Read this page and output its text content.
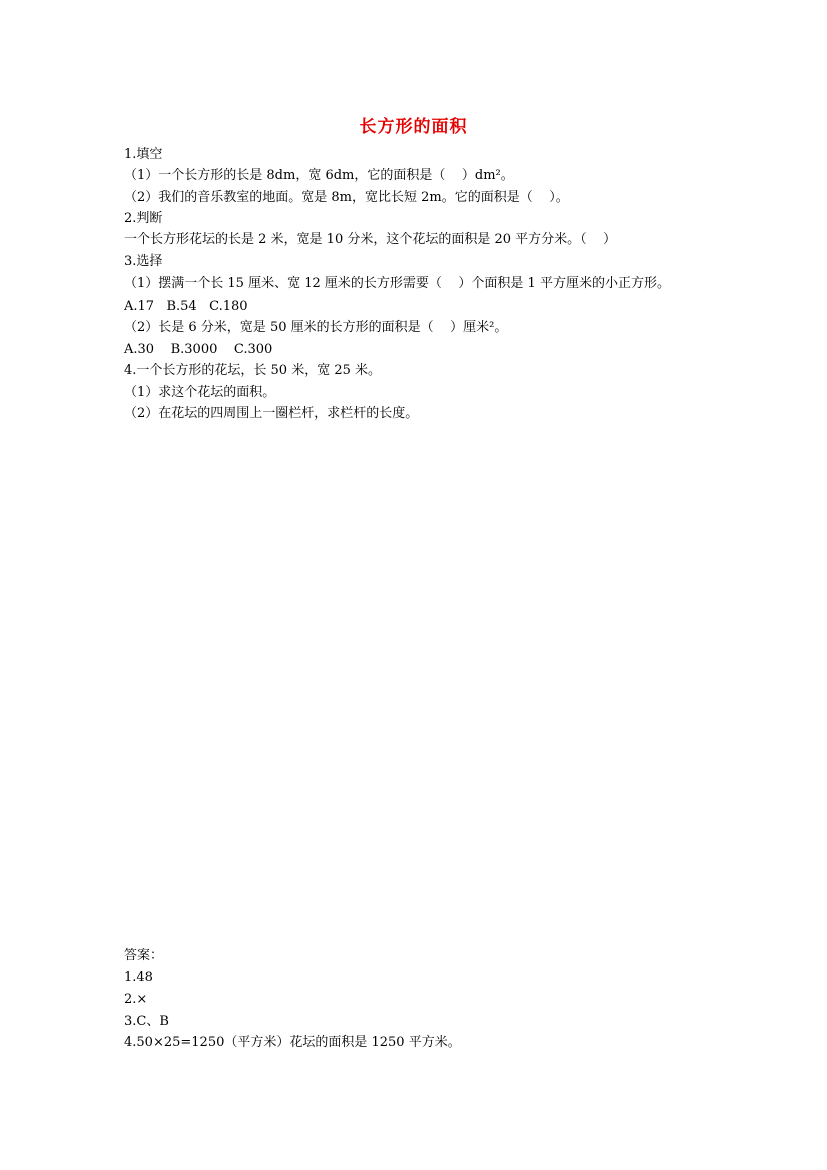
长方形的面积
1.填空
（1）一个长方形的长是 8dm，宽 6dm，它的面积是（    ）dm²。
（2）我们的音乐教室的地面。宽是 8m，宽比长短 2m。它的面积是（    ）。
2.判断
一个长方形花坛的长是 2 米，宽是 10 分米，这个花坛的面积是 20 平方分米。（    ）
3.选择
（1）摆满一个长 15 厘米、宽 12 厘米的长方形需要（    ）个面积是 1 平方厘米的小正方形。
A.17   B.54   C.180
（2）长是 6 分米，宽是 50 厘米的长方形的面积是（    ）厘米²。
A.30    B.3000    C.300
4.一个长方形的花坛，长 50 米，宽 25 米。
（1）求这个花坛的面积。
（2）在花坛的四周围上一圈栏杆，求栏杆的长度。
答案：
1.48
2.×
3.C、B
4.50×25=1250（平方米）花坛的面积是 1250 平方米。
